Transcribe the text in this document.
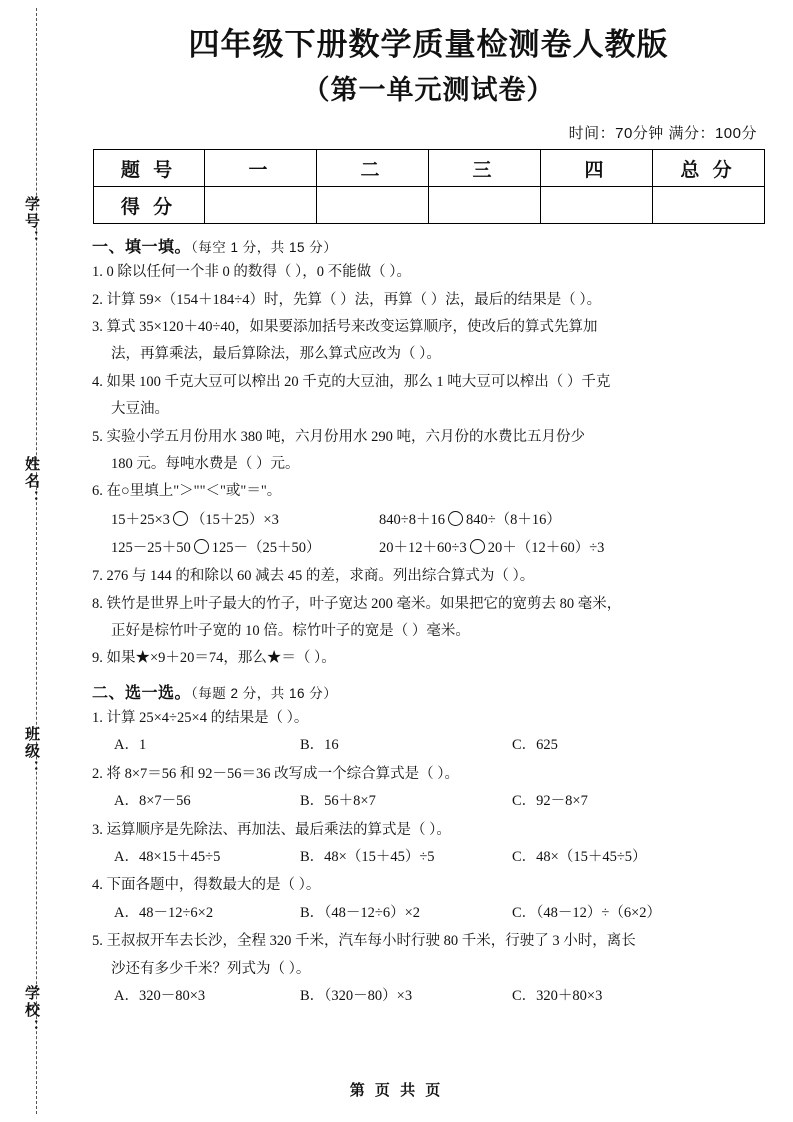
学号：
姓名：
班级：
学校：
四年级下册数学质量检测卷人教版
（第一单元测试卷）
时间：70分钟 满分：100分
题 号	一	二	三	四	总 分
得 分					
一、填一填。（每空 1 分，共 15 分）
1. 0 除以任何一个非 0 的数得（ ），0 不能做（ ）。
2. 计算 59×（154＋184÷4）时，先算（ ）法，再算（ ）法，最后的结果是（ ）。
3. 算式 35×120＋40÷40，如果要添加括号来改变运算顺序，使改后的算式先算加
法，再算乘法，最后算除法，那么算式应改为（ ）。
4. 如果 100 千克大豆可以榨出 20 千克的大豆油，那么 1 吨大豆可以榨出（ ）千克
大豆油。
5. 实验小学五月份用水 380 吨，六月份用水 290 吨，六月份的水费比五月份少
180 元。每吨水费是（ ）元。
6. 在○里填上"＞""＜"或"＝"。
15＋25×3 （15＋25）×3	840÷8＋16 840÷（8＋16）
125－25＋50 125－（25＋50）	20＋12＋60÷3 20＋（12＋60）÷3
7. 276 与 144 的和除以 60 减去 45 的差，求商。列出综合算式为（ ）。
8. 铁竹是世界上叶子最大的竹子，叶子宽达 200 毫米。如果把它的宽剪去 80 毫米，
正好是棕竹叶子宽的 10 倍。棕竹叶子的宽是（ ）毫米。
9. 如果★×9＋20＝74，那么★＝（ ）。
二、选一选。（每题 2 分，共 16 分）
1. 计算 25×4÷25×4 的结果是（ ）。
A．1	B．16	C．625
2. 将 8×7＝56 和 92－56＝36 改写成一个综合算式是（ ）。
A．8×7－56	B．56＋8×7	C．92－8×7
3. 运算顺序是先除法、再加法、最后乘法的算式是（ ）。
A．48×15＋45÷5	B．48×（15＋45）÷5	C．48×（15＋45÷5）
4. 下面各题中，得数最大的是（ ）。
A．48－12÷6×2	B．（48－12÷6）×2	C．（48－12）÷（6×2）
5. 王叔叔开车去长沙，全程 320 千米，汽车每小时行驶 80 千米，行驶了 3 小时，离长
沙还有多少千米？列式为（ ）。
A．320－80×3	B．（320－80）×3	C．320＋80×3
第 页 共 页
